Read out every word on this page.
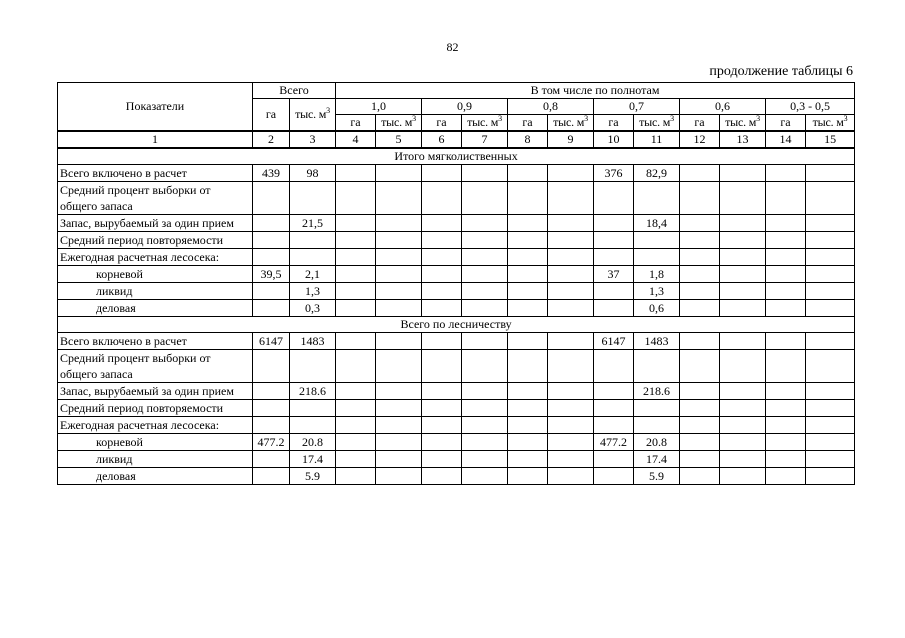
82
продолжение таблицы 6
Показатели	Всего		В том числе по полнотам											
	га	тыс. $м^3$	1,0		0,9		0,8		0,7		0,6		0,3 - 0,5	
			га	тыс. $м^3$	га	тыс. $м^3$	га	тыс. $м^3$	га	тыс. $м^3$	га	тыс. $м^3$	га	тыс. $м^3$
1	2	3	4	5	6	7	8	9	10	11	12	13	14	15
Итого мягколиственных														
Всего включено в расчет	439	98							376	82,9				
Средний процент выборки от общего запаса														
Запас, вырубаемый за один прием		21,5								18,4				
Средний период повторяемости														
Ежегодная расчетная лесосека:														
корневой	39,5	2,1							37	1,8				
ликвид		1,3								1,3				
деловая		0,3								0,6				
Всего по лесничеству														
Всего включено в расчет	6147	1483							6147	1483				
Средний процент выборки от общего запаса														
Запас, вырубаемый за один прием		218.6								218.6				
Средний период повторяемости														
Ежегодная расчетная лесосека:														
корневой	477.2	20.8							477.2	20.8				
ликвид		17.4								17.4				
деловая		5.9								5.9				
